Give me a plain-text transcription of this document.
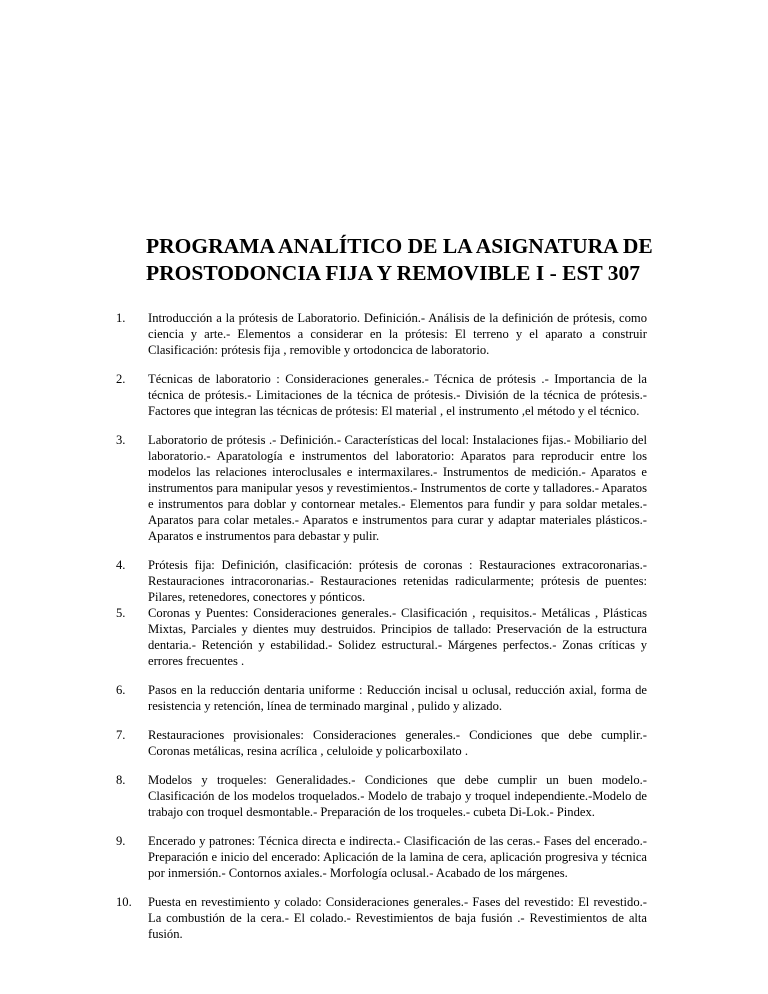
PROGRAMA ANALÍTICO DE LA ASIGNATURA DE
PROSTODONCIA FIJA Y REMOVIBLE I - EST 307
1. Introducción a la prótesis de Laboratorio. Definición.- Análisis de la definición de prótesis, como ciencia y arte.- Elementos a considerar en la prótesis: El terreno y el aparato a construir Clasificación: prótesis fija , removible y ortodoncica de laboratorio.
2. Técnicas de laboratorio : Consideraciones generales.- Técnica de prótesis .- Importancia de la técnica de prótesis.- Limitaciones de la técnica de prótesis.- División de la técnica de prótesis.- Factores que integran las técnicas de prótesis: El material , el instrumento ,el método y el técnico.
3. Laboratorio de prótesis .- Definición.- Características del local: Instalaciones fijas.- Mobiliario del laboratorio.- Aparatología e instrumentos del laboratorio: Aparatos para reproducir entre los modelos las relaciones interoclusales e intermaxilares.- Instrumentos de medición.- Aparatos e instrumentos para manipular yesos y revestimientos.- Instrumentos de corte y talladores.- Aparatos e instrumentos para doblar y contornear metales.- Elementos para fundir y para soldar metales.- Aparatos para colar metales.- Aparatos e instrumentos para curar y adaptar materiales plásticos.- Aparatos e instrumentos para debastar y pulir.
4. Prótesis fija: Definición, clasificación: prótesis de coronas : Restauraciones extracoronarias.- Restauraciones intracoronarias.- Restauraciones retenidas radicularmente; prótesis de puentes: Pilares, retenedores, conectores y pónticos.
5. Coronas y Puentes: Consideraciones generales.- Clasificación , requisitos.- Metálicas , Plásticas Mixtas, Parciales y dientes muy destruidos. Principios de tallado: Preservación de la estructura dentaria.- Retención y estabilidad.- Solidez estructural.- Márgenes perfectos.- Zonas críticas y errores frecuentes .
6. Pasos en la reducción dentaria uniforme : Reducción incisal u oclusal, reducción axial, forma de resistencia y retención, línea de terminado marginal , pulido y alizado.
7. Restauraciones provisionales: Consideraciones generales.- Condiciones que debe cumplir.- Coronas metálicas, resina acrílica , celuloide y policarboxilato .
8. Modelos y troqueles: Generalidades.- Condiciones que debe cumplir un buen modelo.- Clasificación de los modelos troquelados.- Modelo de trabajo y troquel independiente.-Modelo de trabajo con troquel desmontable.- Preparación de los troqueles.- cubeta Di-Lok.- Pindex.
9. Encerado y patrones: Técnica directa e indirecta.- Clasificación de las ceras.- Fases del encerado.- Preparación e inicio del encerado: Aplicación de la lamina de cera, aplicación progresiva y técnica por inmersión.- Contornos axiales.- Morfología oclusal.- Acabado de los márgenes.
10. Puesta en revestimiento y colado: Consideraciones generales.- Fases del revestido: El revestido.- La combustión de la cera.- El colado.- Revestimientos de baja fusión .- Revestimientos de alta fusión.
